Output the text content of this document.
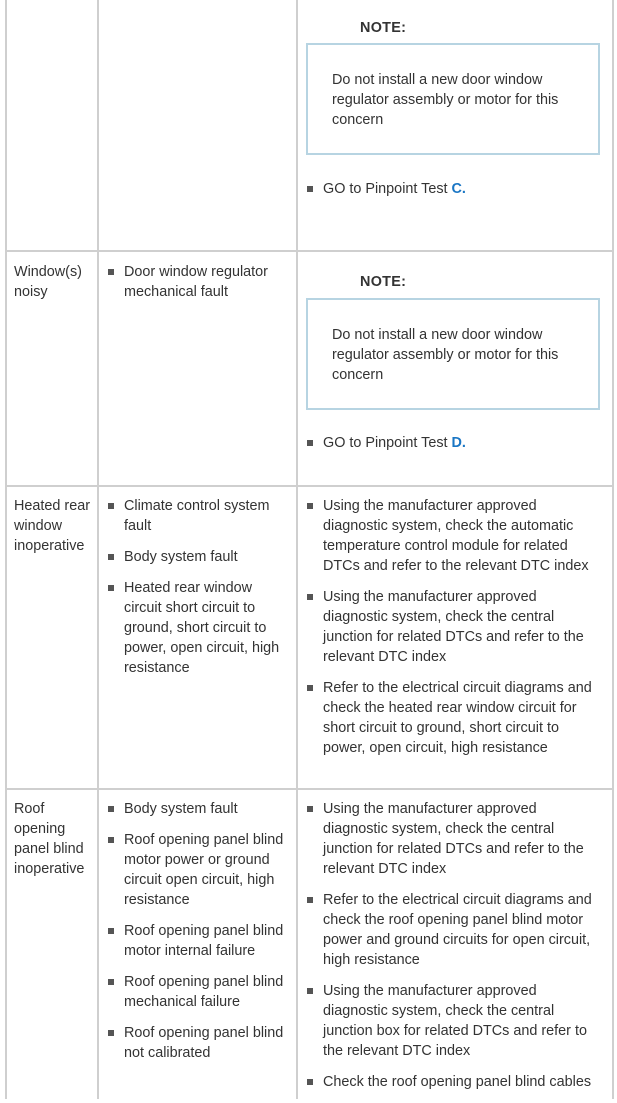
NOTE:
Do not install a new door window regulator assembly or motor for this concern
GO to Pinpoint Test C.
Window(s) noisy
Door window regulator mechanical fault
NOTE:
Do not install a new door window regulator assembly or motor for this concern
GO to Pinpoint Test D.
Heated rear window inoperative
Climate control system fault
Body system fault
Heated rear window circuit short circuit to ground, short circuit to power, open circuit, high resistance
Using the manufacturer approved diagnostic system, check the automatic temperature control module for related DTCs and refer to the relevant DTC index
Using the manufacturer approved diagnostic system, check the central junction for related DTCs and refer to the relevant DTC index
Refer to the electrical circuit diagrams and check the heated rear window circuit for short circuit to ground, short circuit to power, open circuit, high resistance
Roof opening panel blind inoperative
Body system fault
Roof opening panel blind motor power or ground circuit open circuit, high resistance
Roof opening panel blind motor internal failure
Roof opening panel blind mechanical failure
Roof opening panel blind not calibrated
Using the manufacturer approved diagnostic system, check the central junction for related DTCs and refer to the relevant DTC index
Refer to the electrical circuit diagrams and check the roof opening panel blind motor power and ground circuits for open circuit, high resistance
Using the manufacturer approved diagnostic system, check the central junction box for related DTCs and refer to the relevant DTC index
Check the roof opening panel blind cables
